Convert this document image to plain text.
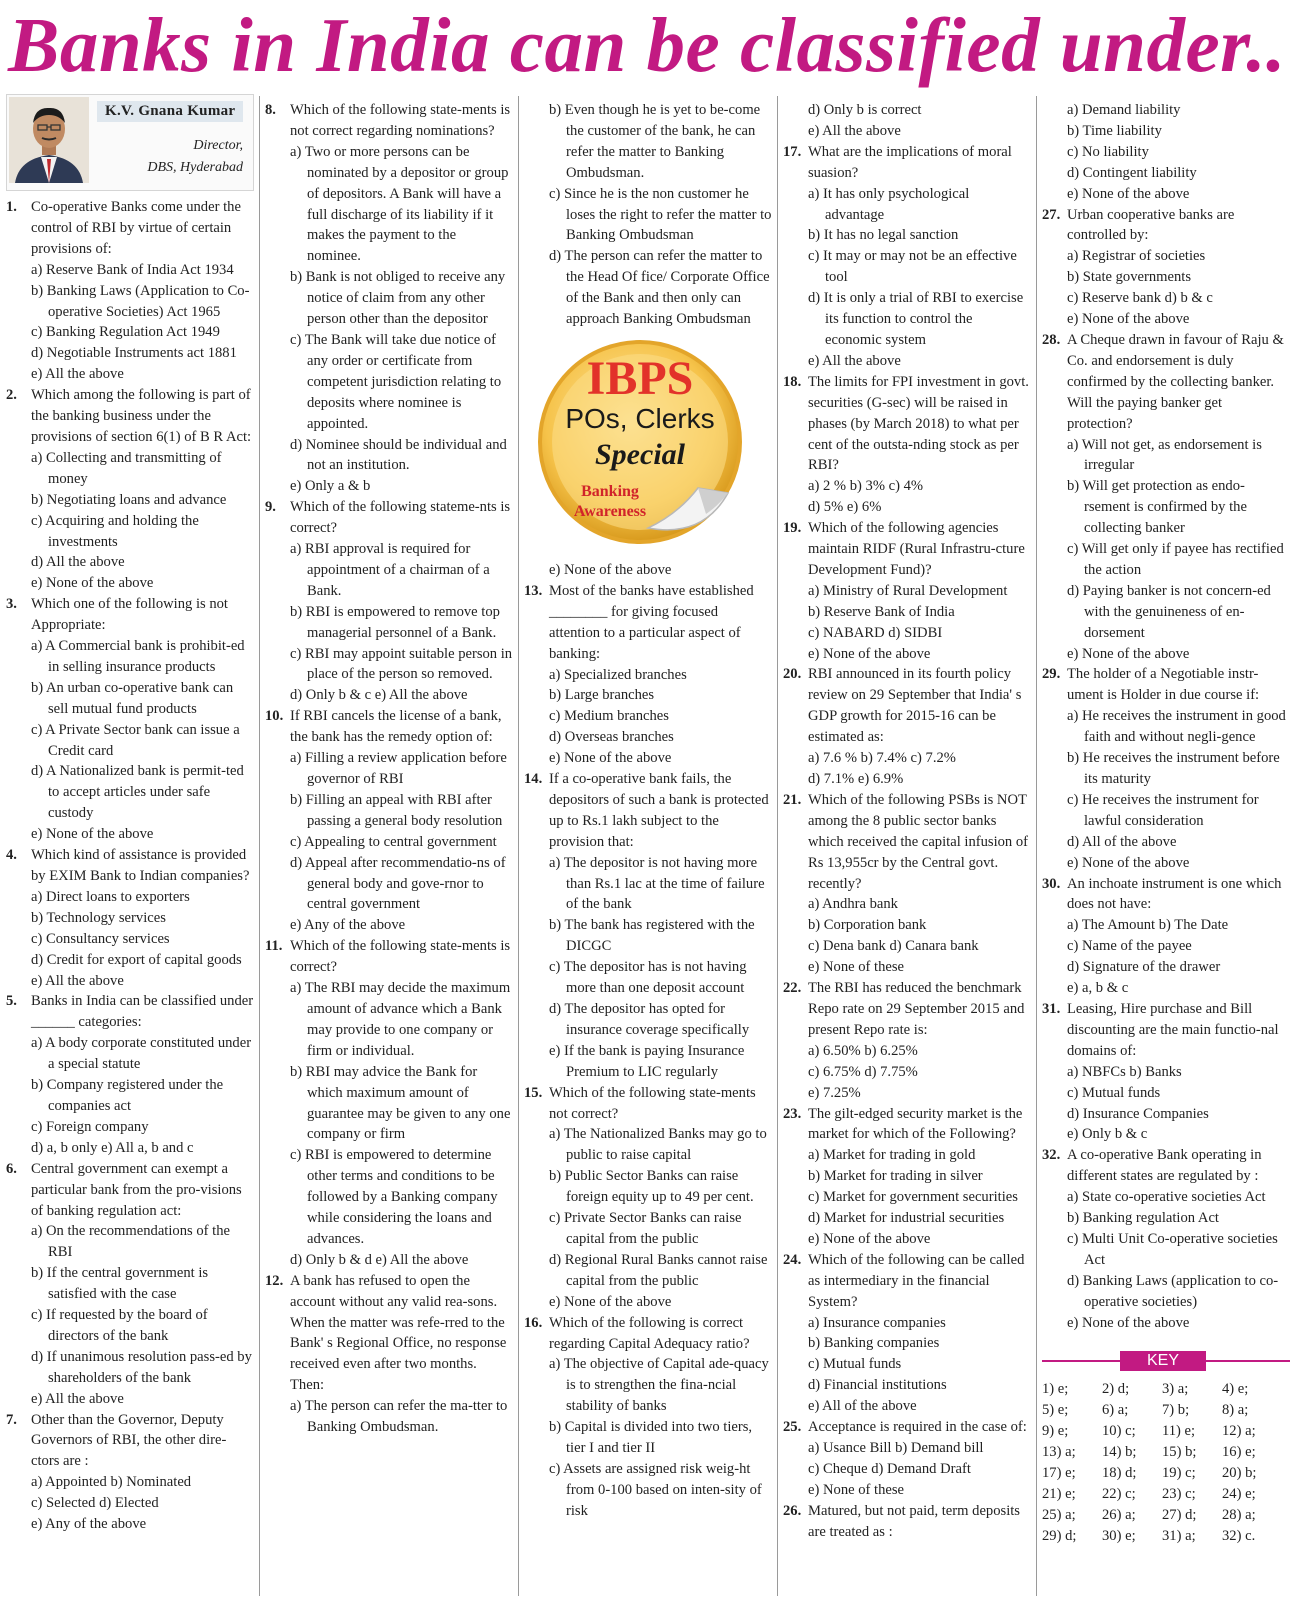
Banks in India can be classified under..
K.V. Gnana Kumar
Director,
DBS, Hyderabad
1. Co-operative Banks come under the control of RBI by virtue of certain provisions of:
a) Reserve Bank of India Act 1934
b) Banking Laws (Application to Co-operative Societies) Act 1965
c) Banking Regulation Act 1949
d) Negotiable Instruments act 1881
e) All the above
2. Which among the following is part of the banking business under the provisions of section 6(1) of B R Act:
a) Collecting and transmitting of money
b) Negotiating loans and advance
c) Acquiring and holding the investments
d) All the above
e) None of the above
3. Which one of the following is not Appropriate:
a) A Commercial bank is prohibit-ed in selling insurance products
b) An urban co-operative bank can sell mutual fund products
c) A Private Sector bank can issue a Credit card
d) A Nationalized bank is permit-ted to accept articles under safe custody
e) None of the above
4. Which kind of assistance is provided by EXIM Bank to Indian companies?
a) Direct loans to exporters
b) Technology services
c) Consultancy services
d) Credit for export of capital goods
e) All the above
5. Banks in India can be classified under ______ categories:
a) A body corporate constituted under a special statute
b) Company registered under the companies act
c) Foreign company
d) a, b only e) All a, b and c
6. Central government can exempt a particular bank from the pro-visions of banking regulation act:
a) On the recommendations of the RBI
b) If the central government is satisfied with the case
c) If requested by the board of directors of the bank
d) If unanimous resolution pass-ed by shareholders of the bank
e) All the above
7. Other than the Governor, Deputy Governors of RBI, the other dire-ctors are :
a) Appointed b) Nominated
c) Selected d) Elected
e) Any of the above
8. Which of the following state-ments is not correct regarding nominations?
a) Two or more persons can be nominated by a depositor or group of depositors. A Bank will have a full discharge of its liability if it makes the payment to the nominee.
b) Bank is not obliged to receive any notice of claim from any other person other than the depositor
c) The Bank will take due notice of any order or certificate from competent jurisdiction relating to deposits where nominee is appointed.
d) Nominee should be individual and not an institution.
e) Only a & b
9. Which of the following stateme-nts is correct?
a) RBI approval is required for appointment of a chairman of a Bank.
b) RBI is empowered to remove top managerial personnel of a Bank.
c) RBI may appoint suitable person in place of the person so removed.
d) Only b & c e) All the above
10. If RBI cancels the license of a bank, the bank has the remedy option of:
a) Filling a review application before governor of RBI
b) Filling an appeal with RBI after passing a general body resolution
c) Appealing to central government
d) Appeal after recommendatio-ns of general body and gove-rnor to central government
e) Any of the above
11. Which of the following state-ments is correct?
a) The RBI may decide the maximum amount of advance which a Bank may provide to one company or firm or individual.
b) RBI may advice the Bank for which maximum amount of guarantee may be given to any one company or firm
c) RBI is empowered to determine other terms and conditions to be followed by a Banking company while considering the loans and advances.
d) Only b & d e) All the above
12. A bank has refused to open the account without any valid rea-sons. When the matter was refe-rred to the Bank' s Regional Office, no response received even after two months. Then:
a) The person can refer the ma-tter to Banking Ombudsman.
b) Even though he is yet to be-come the customer of the bank, he can refer the matter to Banking Ombudsman.
c) Since he is the non customer he loses the right to refer the matter to Banking Ombudsman
d) The person can refer the matter to the Head Of fice/ Corporate Office of the Bank and then only can approach Banking Ombudsman
IBPS
POs, Clerks
Special
Banking
Awareness
e) None of the above
13. Most of the banks have established ________ for giving focused attention to a particular aspect of banking:
a) Specialized branches
b) Large branches
c) Medium branches
d) Overseas branches
e) None of the above
14. If a co-operative bank fails, the depositors of such a bank is protected up to Rs.1 lakh subject to the provision that:
a) The depositor is not having more than Rs.1 lac at the time of failure of the bank
b) The bank has registered with the DICGC
c) The depositor has is not having more than one deposit account
d) The depositor has opted for insurance coverage specifically
e) If the bank is paying Insurance Premium to LIC regularly
15. Which of the following state-ments not correct?
a) The Nationalized Banks may go to public to raise capital
b) Public Sector Banks can raise foreign equity up to 49 per cent.
c) Private Sector Banks can raise capital from the public
d) Regional Rural Banks cannot raise capital from the public
e) None of the above
16. Which of the following is correct regarding Capital Adequacy ratio?
a) The objective of Capital ade-quacy is to strengthen the fina-ncial stability of banks
b) Capital is divided into two tiers, tier I and tier II
c) Assets are assigned risk weig-ht from 0-100 based on inten-sity of risk
d) Only b is correct
e) All the above
17. What are the implications of moral suasion?
a) It has only psychological advantage
b) It has no legal sanction
c) It may or may not be an effective tool
d) It is only a trial of RBI to exercise its function to control the economic system
e) All the above
18. The limits for FPI investment in govt. securities (G-sec) will be raised in phases (by March 2018) to what per cent of the outsta-nding stock as per RBI?
a) 2 % b) 3% c) 4%
d) 5% e) 6%
19. Which of the following agencies maintain RIDF (Rural Infrastru-cture Development Fund)?
a) Ministry of Rural Development
b) Reserve Bank of India
c) NABARD d) SIDBI
e) None of the above
20. RBI announced in its fourth policy review on 29 September that India' s GDP growth for 2015-16 can be estimated as:
a) 7.6 % b) 7.4% c) 7.2%
d) 7.1% e) 6.9%
21. Which of the following PSBs is NOT among the 8 public sector banks which received the capital infusion of Rs 13,955cr by the Central govt. recently?
a) Andhra bank
b) Corporation bank
c) Dena bank d) Canara bank
e) None of these
22. The RBI has reduced the benchmark Repo rate on 29 September 2015 and present Repo rate is:
a) 6.50% b) 6.25%
c) 6.75% d) 7.75%
e) 7.25%
23. The gilt-edged security market is the market for which of the Following?
a) Market for trading in gold
b) Market for trading in silver
c) Market for government securities
d) Market for industrial securities
e) None of the above
24. Which of the following can be called as intermediary in the financial System?
a) Insurance companies
b) Banking companies
c) Mutual funds
d) Financial institutions
e) All of the above
25. Acceptance is required in the case of:
a) Usance Bill b) Demand bill
c) Cheque d) Demand Draft
e) None of these
26. Matured, but not paid, term deposits are treated as :
a) Demand liability
b) Time liability
c) No liability
d) Contingent liability
e) None of the above
27. Urban cooperative banks are controlled by:
a) Registrar of societies
b) State governments
c) Reserve bank d) b & c
e) None of the above
28. A Cheque drawn in favour of Raju & Co. and endorsement is duly confirmed by the collecting banker. Will the paying banker get protection?
a) Will not get, as endorsement is irregular
b) Will get protection as endo-rsement is confirmed by the collecting banker
c) Will get only if payee has rectified the action
d) Paying banker is not concern-ed with the genuineness of en-dorsement
e) None of the above
29. The holder of a Negotiable instr-ument is Holder in due course if:
a) He receives the instrument in good faith and without negli-gence
b) He receives the instrument before its maturity
c) He receives the instrument for lawful consideration
d) All of the above
e) None of the above
30. An inchoate instrument is one which does not have:
a) The Amount b) The Date
c) Name of the payee
d) Signature of the drawer
e) a, b & c
31. Leasing, Hire purchase and Bill discounting are the main functio-nal domains of:
a) NBFCs b) Banks
c) Mutual funds
d) Insurance Companies
e) Only b & c
32. A co-operative Bank operating in different states are regulated by :
a) State co-operative societies Act
b) Banking regulation Act
c) Multi Unit Co-operative societies Act
d) Banking Laws (application to co-operative societies)
e) None of the above
KEY
1) e;	2) d;	3) a;	4) e;
5) e;	6) a;	7) b;	8) a;
9) e;	10) c;	11) e;	12) a;
13) a;	14) b;	15) b;	16) e;
17) e;	18) d;	19) c;	20) b;
21) e;	22) c;	23) c;	24) e;
25) a;	26) a;	27) d;	28) a;
29) d;	30) e;	31) a;	32) c.
